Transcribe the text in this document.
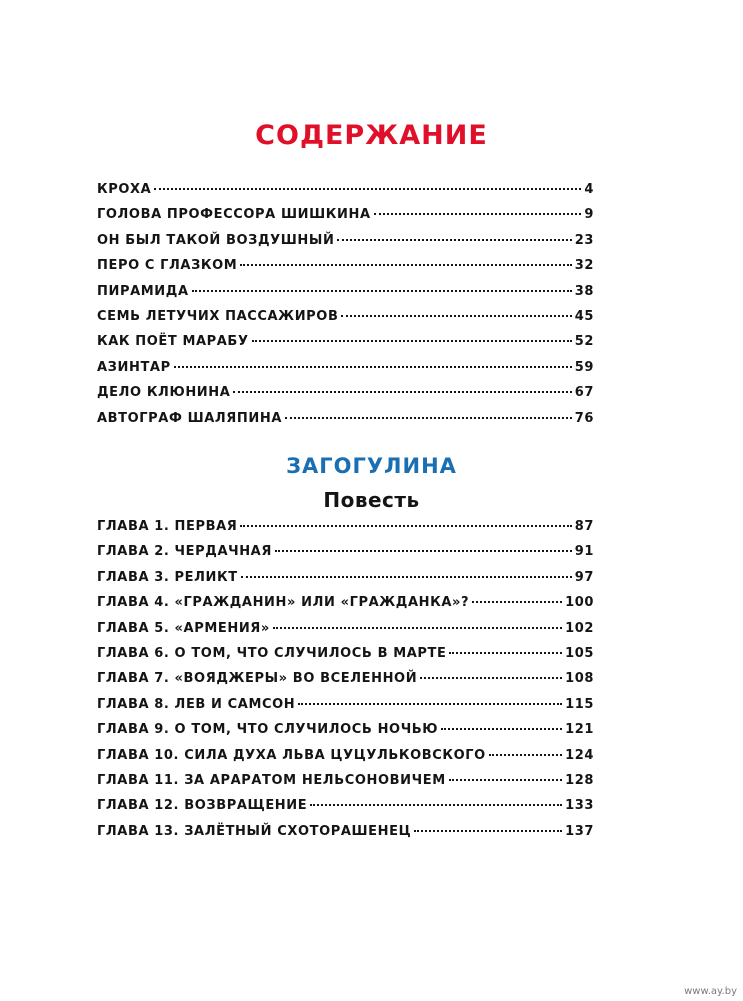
СОДЕРЖАНИЕ
КРОХА	4
ГОЛОВА ПРОФЕССОРА ШИШКИНА	9
ОН БЫЛ ТАКОЙ ВОЗДУШНЫЙ	23
ПЕРО С ГЛАЗКОМ	32
ПИРАМИДА	38
СЕМЬ ЛЕТУЧИХ ПАССАЖИРОВ	45
КАК ПОЁТ МАРАБУ	52
АЗИНТАР	59
ДЕЛО КЛЮНИНА	67
АВТОГРАФ ШАЛЯПИНА	76
ЗАГОГУЛИНА
Повесть
ГЛАВА 1. ПЕРВАЯ	87
ГЛАВА 2. ЧЕРДАЧНАЯ	91
ГЛАВА 3. РЕЛИКТ	97
ГЛАВА 4. «ГРАЖДАНИН» ИЛИ «ГРАЖДАНКА»?	100
ГЛАВА 5. «АРМЕНИЯ»	102
ГЛАВА 6. О ТОМ, ЧТО СЛУЧИЛОСЬ В МАРТЕ	105
ГЛАВА 7. «ВОЯДЖЕРЫ» ВО ВСЕЛЕННОЙ	108
ГЛАВА 8. ЛЕВ И САМСОН	115
ГЛАВА 9. О ТОМ, ЧТО СЛУЧИЛОСЬ НОЧЬЮ	121
ГЛАВА 10. СИЛА ДУХА ЛЬВА ЦУЦУЛЬКОВСКОГО	124
ГЛАВА 11. ЗА АРАРАТОМ НЕЛЬСОНОВИЧЕМ	128
ГЛАВА 12. ВОЗВРАЩЕНИЕ	133
ГЛАВА 13. ЗАЛЁТНЫЙ СХОТОРАШЕНЕЦ	137
www.ay.by
